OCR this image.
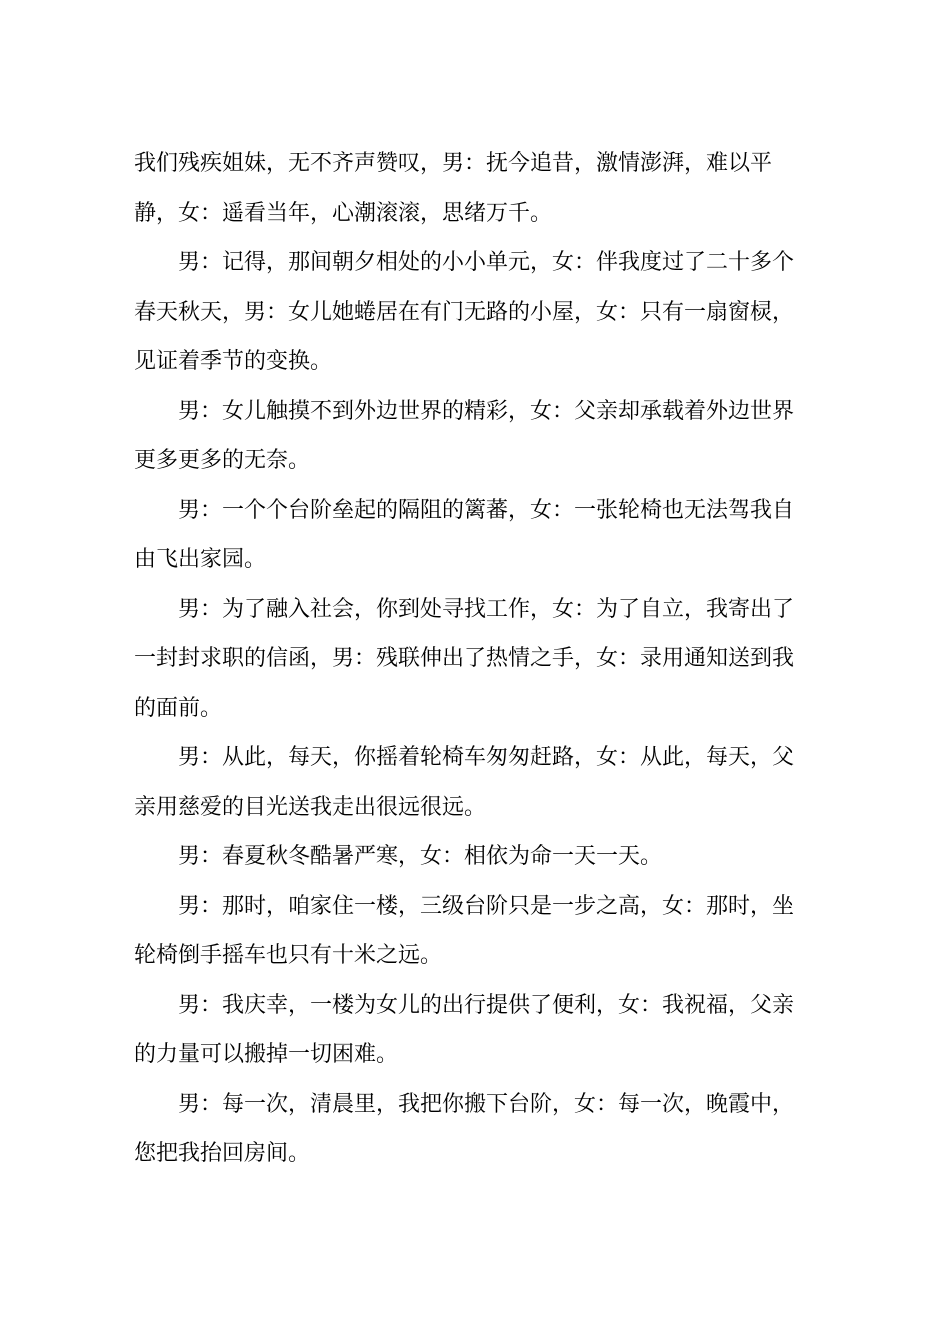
我们残疾姐妹，无不齐声赞叹，男：抚今追昔，激情澎湃，难以平静，女：遥看当年，心潮滚滚，思绪万千。

男：记得，那间朝夕相处的小小单元，女：伴我度过了二十多个春天秋天，男：女儿她蜷居在有门无路的小屋，女：只有一扇窗棂，见证着季节的变换。

男：女儿触摸不到外边世界的精彩，女：父亲却承载着外边世界更多更多的无奈。

男：一个个台阶垒起的隔阻的篱蕃，女：一张轮椅也无法驾我自由飞出家园。

男：为了融入社会，你到处寻找工作，女：为了自立，我寄出了一封封求职的信函，男：残联伸出了热情之手，女：录用通知送到我的面前。

男：从此，每天，你摇着轮椅车匆匆赶路，女：从此，每天，父亲用慈爱的目光送我走出很远很远。

男：春夏秋冬酷暑严寒，女：相依为命一天一天。

男：那时，咱家住一楼，三级台阶只是一步之高，女：那时，坐轮椅倒手摇车也只有十米之远。

男：我庆幸，一楼为女儿的出行提供了便利，女：我祝福，父亲的力量可以搬掉一切困难。

男：每一次，清晨里，我把你搬下台阶，女：每一次，晚霞中，您把我抬回房间。
